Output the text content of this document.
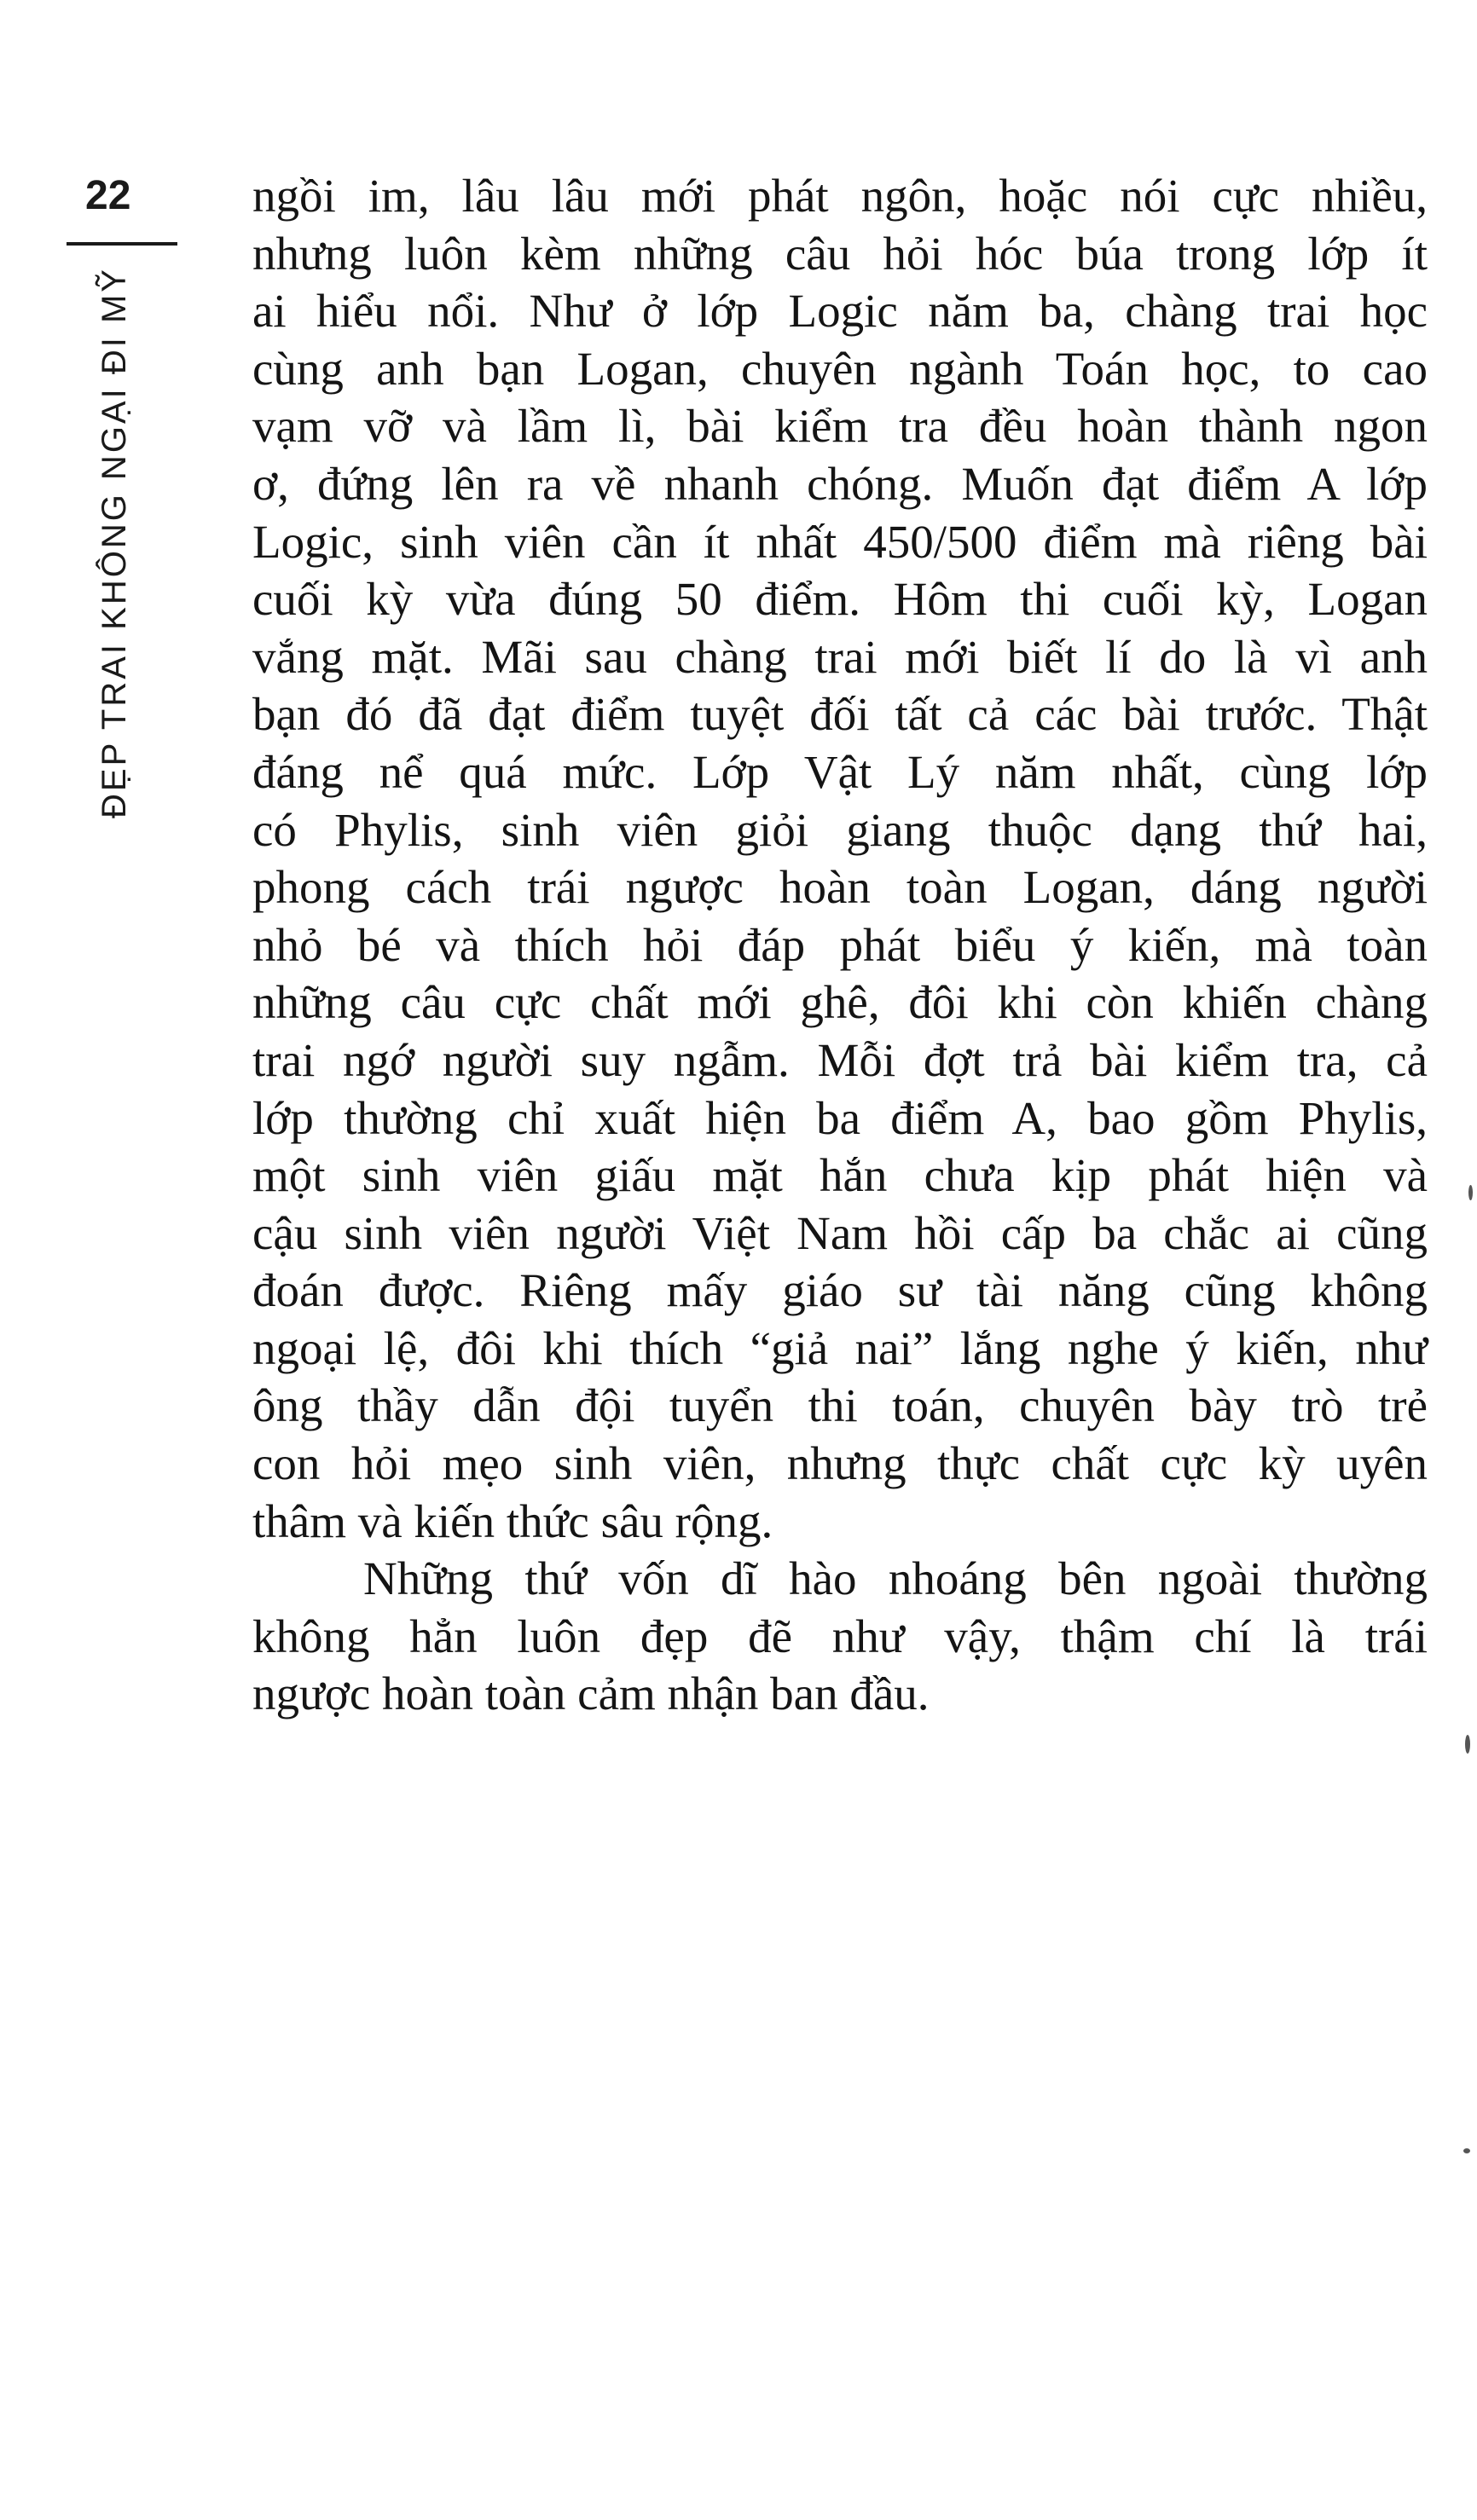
22
ĐẸP TRAI KHÔNG NGẠI ĐI MỸ
ngồi im, lâu lâu mới phát ngôn, hoặc nói cực nhiều,
nhưng luôn kèm những câu hỏi hóc búa trong lớp ít
ai hiểu nổi. Như ở lớp Logic năm ba, chàng trai học
cùng anh bạn Logan, chuyên ngành Toán học, to cao
vạm vỡ và lầm lì, bài kiểm tra đều hoàn thành ngon
ơ, đứng lên ra về nhanh chóng. Muốn đạt điểm A lớp
Logic, sinh viên cần ít nhất 450/500 điểm mà riêng bài
cuối kỳ vừa đúng 50 điểm. Hôm thi cuối kỳ, Logan
vắng mặt. Mãi sau chàng trai mới biết lí do là vì anh
bạn đó đã đạt điểm tuyệt đối tất cả các bài trước. Thật
đáng nể quá mức. Lớp Vật Lý năm nhất, cùng lớp
có Phylis, sinh viên giỏi giang thuộc dạng thứ hai,
phong cách trái ngược hoàn toàn Logan, dáng người
nhỏ bé và thích hỏi đáp phát biểu ý kiến, mà toàn
những câu cực chất mới ghê, đôi khi còn khiến chàng
trai ngớ người suy ngẫm. Mỗi đợt trả bài kiểm tra, cả
lớp thường chỉ xuất hiện ba điểm A, bao gồm Phylis,
một sinh viên giấu mặt hắn chưa kịp phát hiện và
cậu sinh viên người Việt Nam hồi cấp ba chắc ai cũng
đoán được. Riêng mấy giáo sư tài năng cũng không
ngoại lệ, đôi khi thích “giả nai” lắng nghe ý kiến, như
ông thầy dẫn đội tuyển thi toán, chuyên bày trò trẻ
con hỏi mẹo sinh viên, nhưng thực chất cực kỳ uyên
thâm và kiến thức sâu rộng.
Những thứ vốn dĩ hào nhoáng bên ngoài thường
không hẳn luôn đẹp đẽ như vậy, thậm chí là trái
ngược hoàn toàn cảm nhận ban đầu.
